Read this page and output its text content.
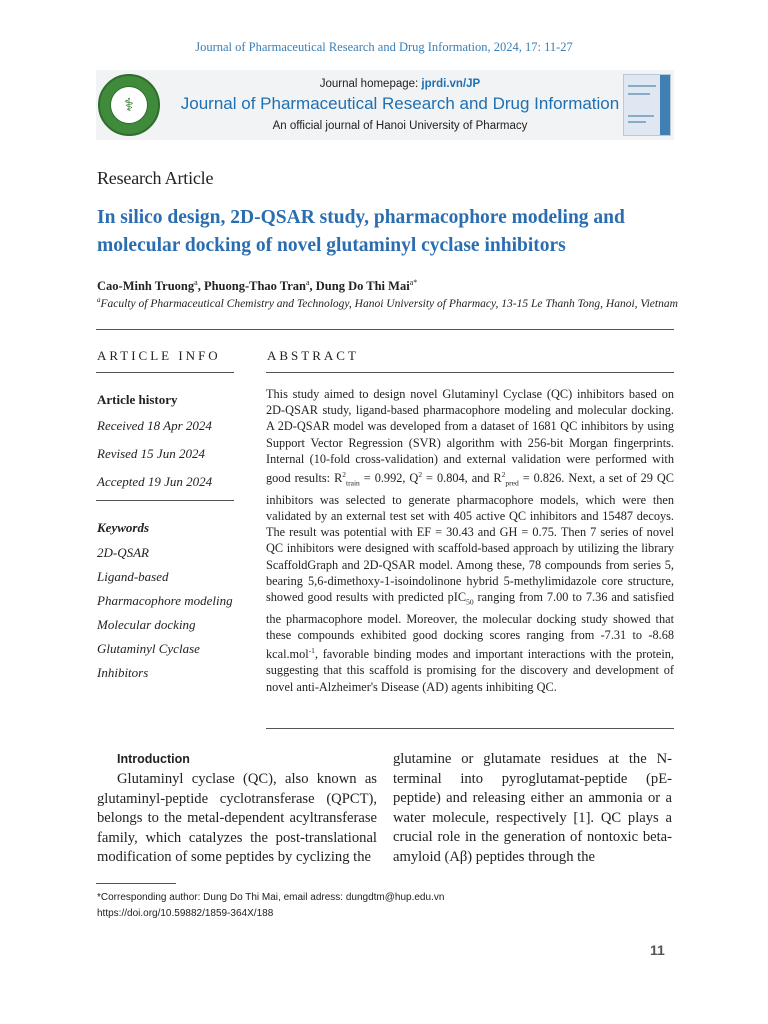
Journal of Pharmaceutical Research and Drug Information, 2024, 17: 11-27
⚕
Journal homepage: jprdi.vn/JP
Journal of Pharmaceutical Research and Drug Information
An official journal of Hanoi University of Pharmacy
Research Article
In silico design, 2D-QSAR study, pharmacophore modeling and molecular docking of novel glutaminyl cyclase inhibitors
Cao-Minh Truong$^a$, Phuong-Thao Tran$^a$, Dung Do Thi Mai$^{a*}$
$^a$Faculty of Pharmaceutical Chemistry and Technology, Hanoi University of Pharmacy, 13-15 Le Thanh Tong, Hanoi, Vietnam
ARTICLE INFO	ABSTRACT
Article history
Received 18 Apr 2024
Revised 15 Jun 2024
Accepted 19 Jun 2024
Keywords
2D-QSAR
Ligand-based
Pharmacophore modeling
Molecular docking
Glutaminyl Cyclase
Inhibitors
This study aimed to design novel Glutaminyl Cyclase (QC) inhibitors based on 2D-QSAR study, ligand-based pharmacophore modeling and molecular docking. A 2D-QSAR model was developed from a dataset of 1681 QC inhibitors by using Support Vector Regression (SVR) algorithm with 256-bit Morgan fingerprints. Internal (10-fold cross-validation) and external validation were performed with good results: $R^2_{train} = 0.992$, $Q^2 = 0.804$, and $R^2_{pred} = 0.826$. Next, a set of 29 QC inhibitors was selected to generate pharmacophore models, which were then validated by an external test set with 405 active QC inhibitors and 15487 decoys. The result was potential with EF = 30.43 and GH = 0.75. Then 7 series of novel QC inhibitors were designed with scaffold-based approach by utilizing the library ScaffoldGraph and 2D-QSAR model. Among these, 78 compounds from series 5, bearing 5,6-dimethoxy-1-isoindolinone hybrid 5-methylimidazole core structure, showed good results with predicted pIC$_{50}$ ranging from 7.00 to 7.36 and satisfied the pharmacophore model. Moreover, the molecular docking study showed that these compounds exhibited good docking scores ranging from -7.31 to -8.68 kcal.mol$^{-1}$, favorable binding modes and important interactions with the protein, suggesting that this scaffold is promising for the discovery and development of novel anti-Alzheimer's Disease (AD) agents inhibiting QC.
Introduction
Glutaminyl cyclase (QC), also known as glutaminyl-peptide cyclotransferase (QPCT), belongs to the metal-dependent acyltransferase family, which catalyzes the post-translational modification of some peptides by cyclizing the
glutamine or glutamate residues at the N-terminal into pyroglutamat-peptide (pE-peptide) and releasing either an ammonia or a water molecule, respectively [1]. QC plays a crucial role in the generation of nontoxic beta-amyloid (Aβ) peptides through the
*Corresponding author: Dung Do Thi Mai, email adress: dungdtm@hup.edu.vn
https://doi.org/10.59882/1859-364X/188
11
